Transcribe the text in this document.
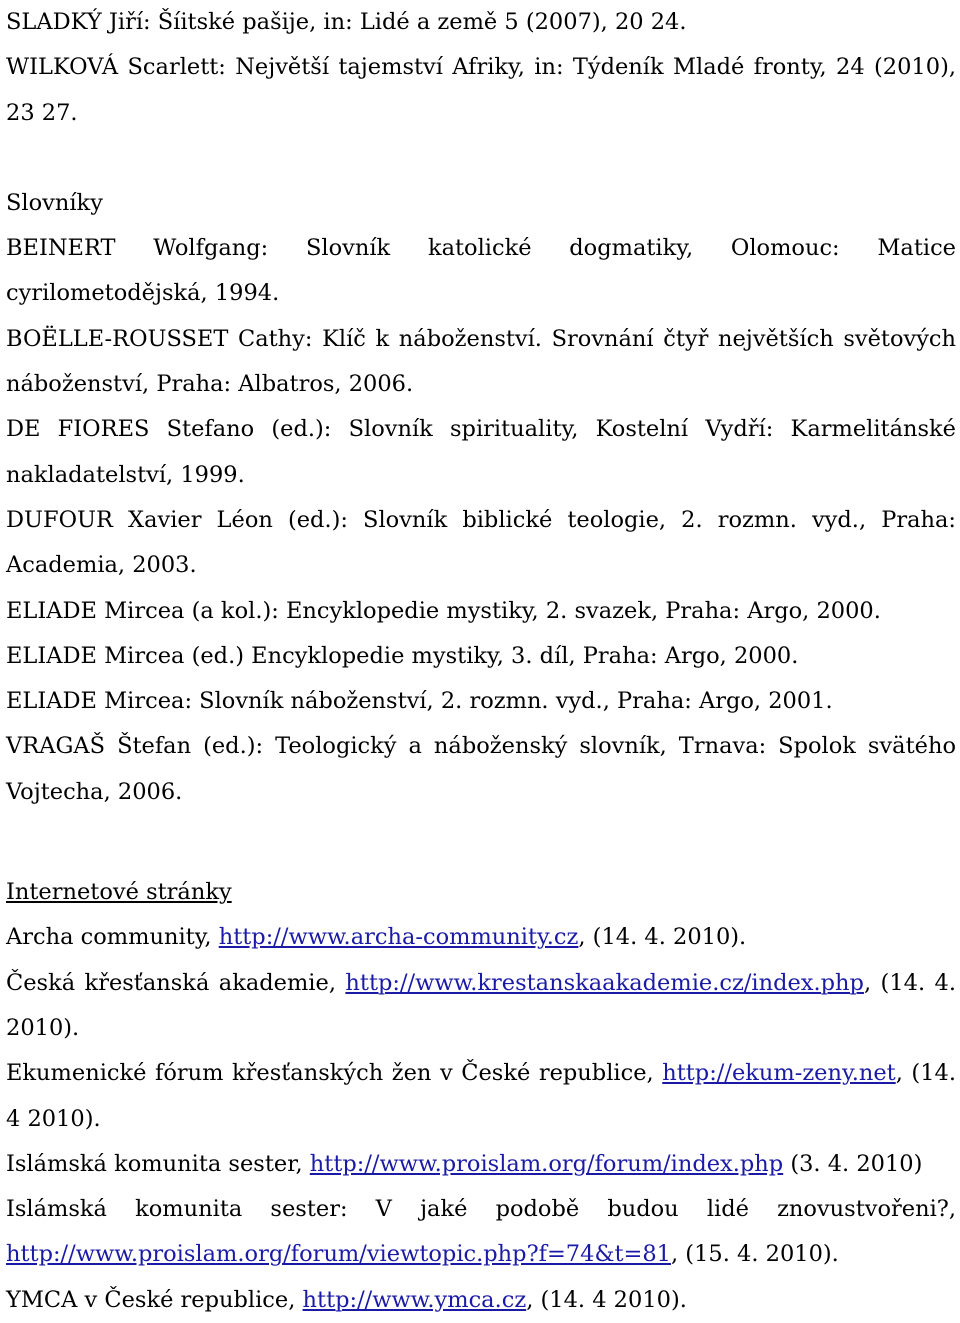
SLADKÝ Jiří: Šíitské pašije, in: Lidé a země 5 (2007), 20 24.

WILKOVÁ Scarlett: Největší tajemství Afriky, in: Týdeník Mladé fronty, 24 (2010), 23 27.

Slovníky

BEINERT Wolfgang: Slovník katolické dogmatiky, Olomouc: Matice cyrilometodějská, 1994.

BOËLLE-ROUSSET Cathy: Klíč k náboženství. Srovnání čtyř největších světových náboženství, Praha: Albatros, 2006.

DE FIORES Stefano (ed.): Slovník spirituality, Kostelní Vydří: Karmelitánské nakladatelství, 1999.

DUFOUR Xavier Léon (ed.): Slovník biblické teologie, 2. rozmn. vyd., Praha: Academia, 2003.

ELIADE Mircea (a kol.): Encyklopedie mystiky, 2. svazek, Praha: Argo, 2000.

ELIADE Mircea (ed.) Encyklopedie mystiky, 3. díl, Praha: Argo, 2000.

ELIADE Mircea: Slovník náboženství, 2. rozmn. vyd., Praha: Argo, 2001.

VRAGAŠ Štefan (ed.): Teologický a náboženský slovník, Trnava: Spolok svätého Vojtecha, 2006.

Internetové stránky

Archa community, http://www.archa-community.cz, (14. 4. 2010).

Česká křesťanská akademie, http://www.krestanskaakademie.cz/index.php, (14. 4. 2010).

Ekumenické fórum křesťanských žen v České republice, http://ekum-zeny.net, (14. 4 2010).

Islámská komunita sester, http://www.proislam.org/forum/index.php (3. 4. 2010)

Islámská komunita sester: V jaké podobě budou lidé znovustvořeni?, http://www.proislam.org/forum/viewtopic.php?f=74&t=81, (15. 4. 2010).

YMCA v České republice, http://www.ymca.cz, (14. 4 2010).
